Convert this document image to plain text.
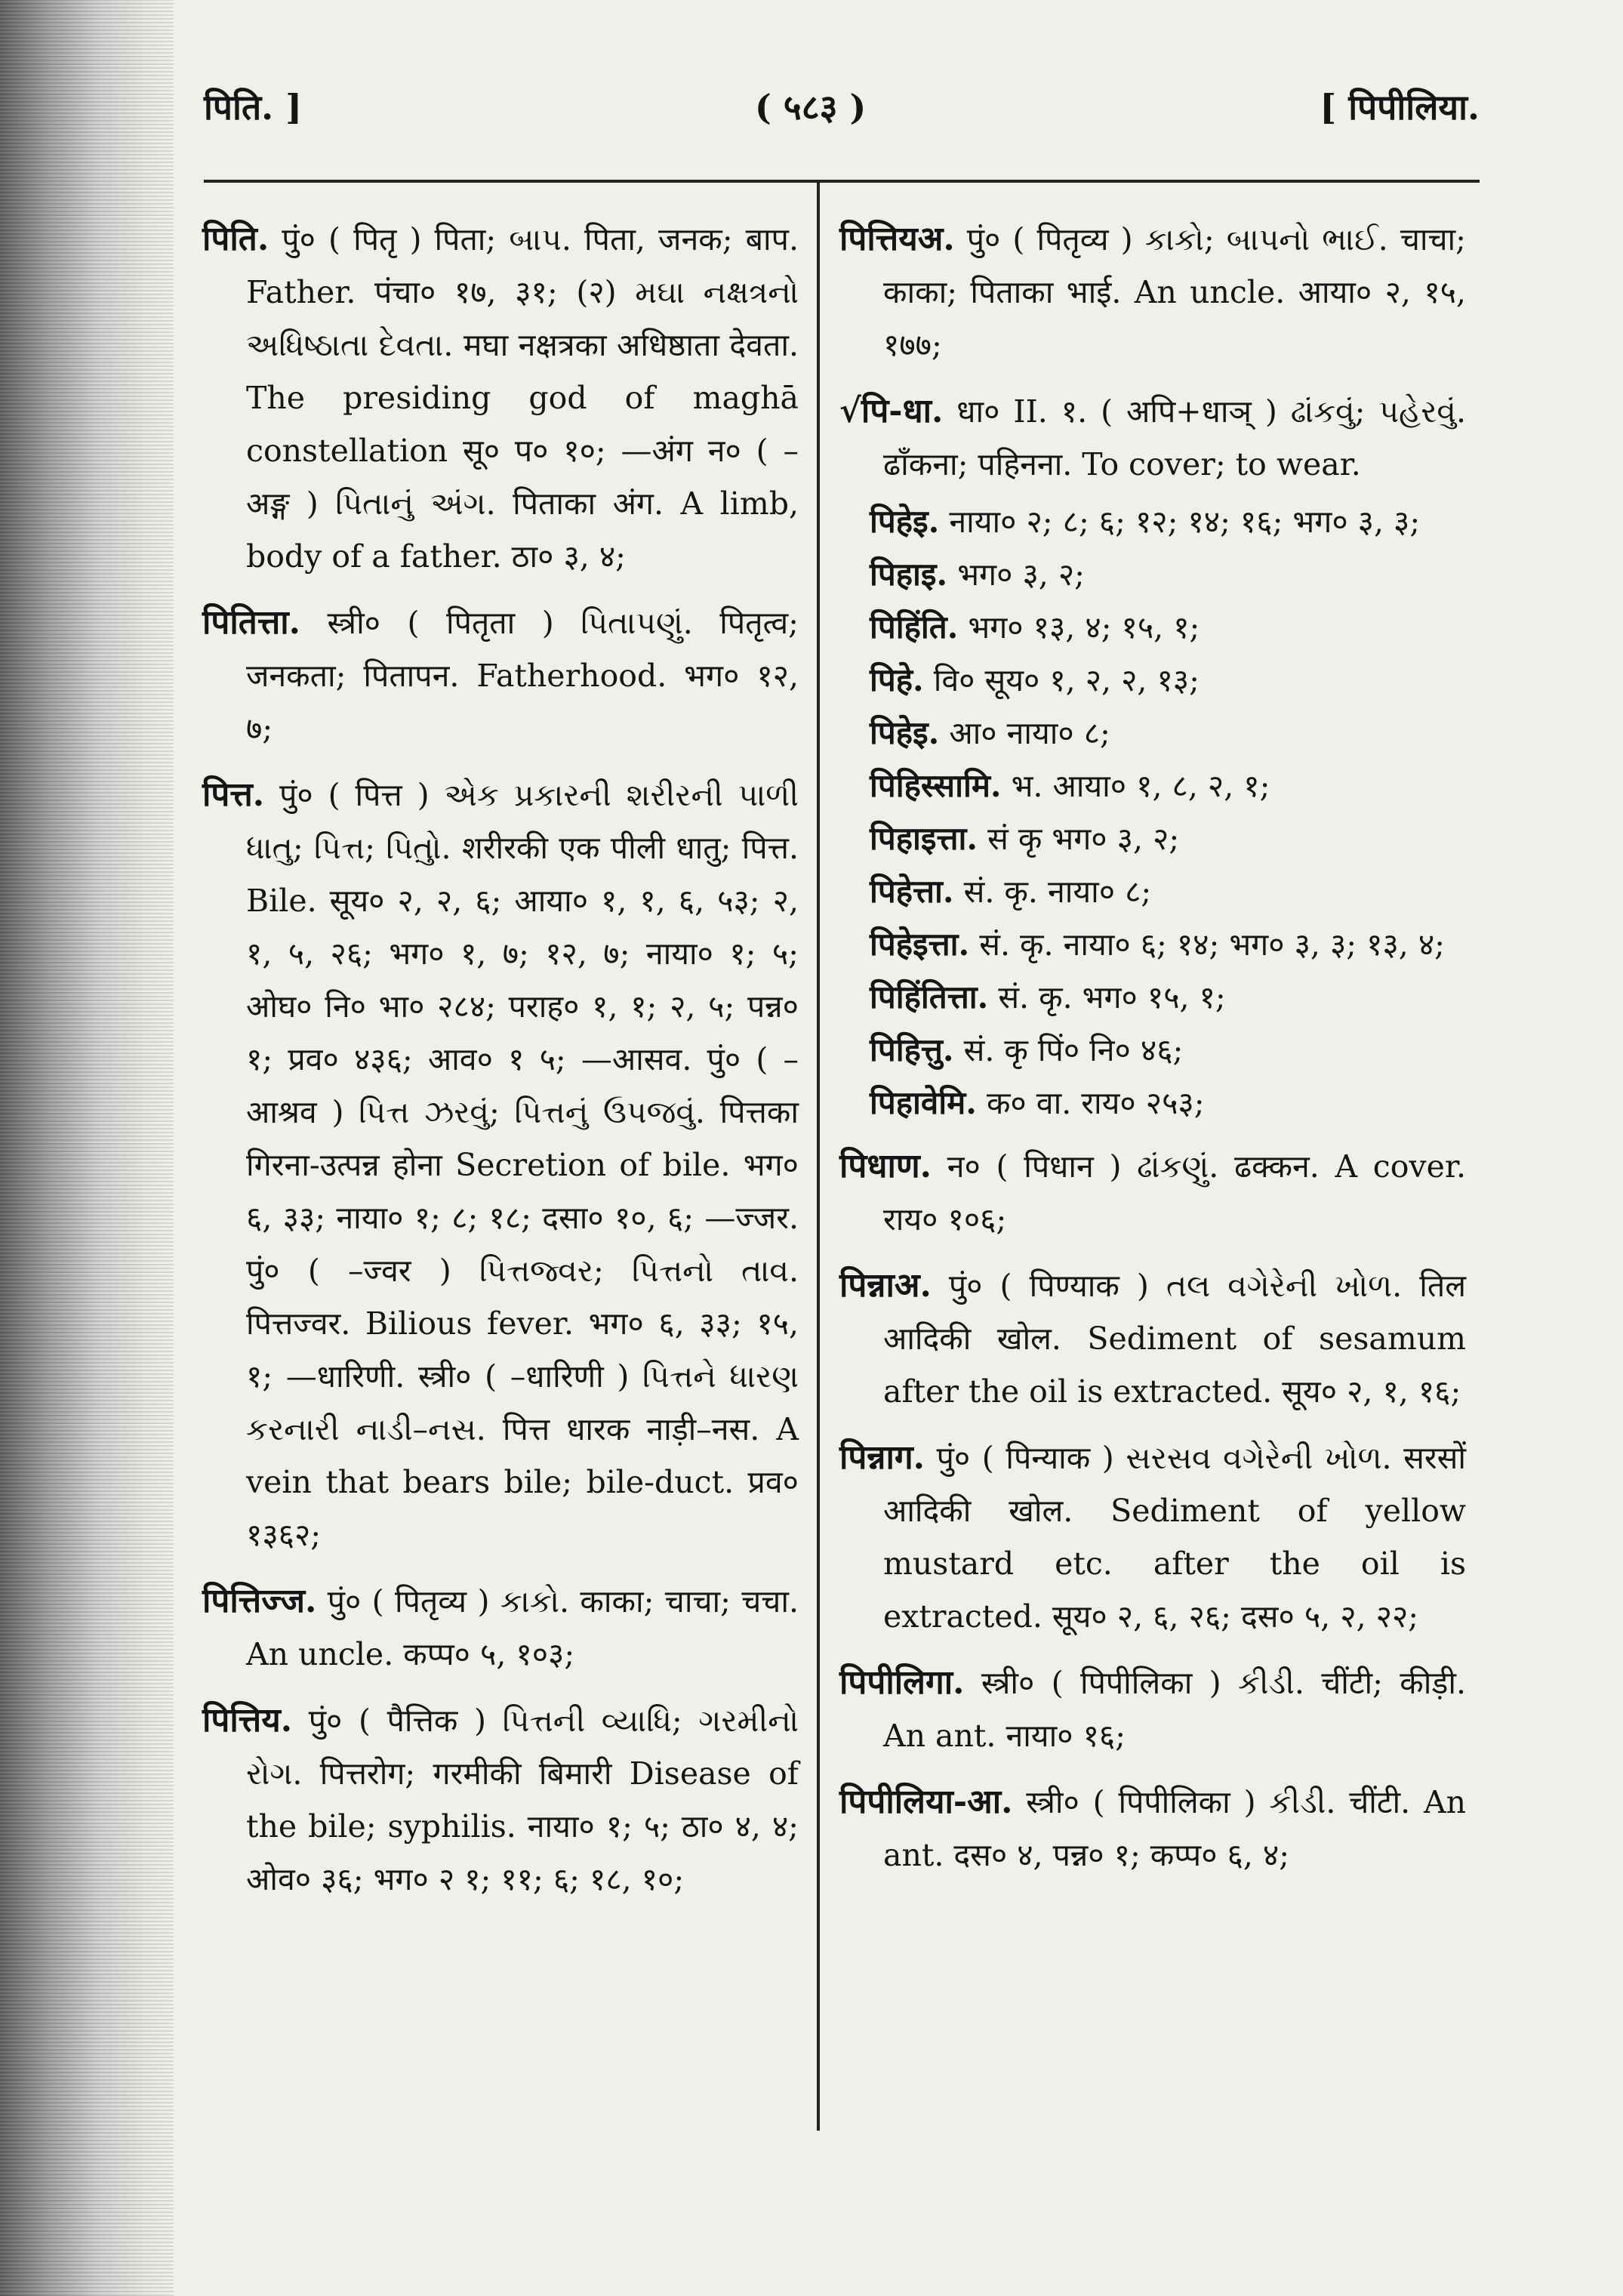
पिति. ]	( ५८३ )	[ पिपीलिया.

पिति. पुं० ( पितृ ) पिता; બાપ. पिता, जनक; बाप. Father. पंचा० १७, ३१; (२) મઘા નક્ષત્રનો અધિષ્ઠાતા દેવતા. मघा नक्षत्रका अधिष्ठाता देवता. The presiding god of maghā constellation सू० प० १०; —अंग न० ( –अङ्ग ) પિતાનું અંગ. पिताका अंग. A limb, body of a father. ठा० ३, ४;

पितित्ता. स्त्री० ( पितृता ) પિતાપણું. पितृत्व; जनकता; पितापन. Fatherhood. भग० १२, ७;

पित्त. पुं० ( पित्त ) એક પ્રકારની શરીરની પાળી ધાતુ; પિત્ત; પિતો઼ુ. शरीरकी एक पीली धातु; पित्त. Bile. सूय० २, २, ६; आया० १, १, ६, ५३; २, १, ५, २६; भग० १, ७; १२, ७; नाया० १; ५; ओघ० नि० भा० २८४; पराह० १, १; २, ५; पन्न० १; प्रव० ४३६; आव० १ ५; —आसव. पुं० ( –आश्रव ) પિત્ત ઝરવું; પિત્તનું ઉપજવું. पित्तका गिरना-उत्पन्न होना Secretion of bile. भग० ६, ३३; नाया० १; ८; १८; दसा० १०, ६; —ज्जर. पुं० ( –ज्वर ) પિત્તજ્વર; પિત્તનો તાવ. पित्तज्वर. Bilious fever. भग० ६, ३३; १५, १; —धारिणी. स्त्री० ( –धारिणी ) પિત્તને ધારણ કરનારી નાડી–નસ. पित्त धारक नाड़ी–नस. A vein that bears bile; bile-duct. प्रव० १३६२;

पित्तिज्ज. पुं० ( पितृव्य ) કાકો. काका; चाचा; चचा. An uncle. कप्प० ५, १०३;

पित्तिय. पुं० ( पैत्तिक ) પિત્તની વ્યાધિ; ગરમીનો રોગ. पित्तरोग; गरमीकी बिमारी Disease of the bile; syphilis. नाया० १; ५; ठा० ४, ४; ओव० ३६; भग० २ १; ११; ६; १८, १०;

पित्तियअ. पुं० ( पितृव्य ) કાકો; બાપનો ભાઈ. चाचा; काका; पिताका भाई. An uncle. आया० २, १५, १७७;

√पि-धा. धा० II. १. ( अपि+धाञ् ) ઢાંકવું; પહેરવું. ढाँकना; पहिनना. To cover; to wear.

पिहेइ. नाया० २; ८; ६; १२; १४; १६; भग० ३, ३;

पिहाइ. भग० ३, २;

पिहिंति. भग० १३, ४; १५, १;

पिहे. वि० सूय० १, २, २, १३;

पिहेइ. आ० नाया० ८;

पिहिस्सामि. भ. आया० १, ८, २, १;

पिहाइत्ता. सं कृ भग० ३, २;

पिहेत्ता. सं. कृ. नाया० ८;

पिहेइत्ता. सं. कृ. नाया० ६; १४; भग० ३, ३; १३, ४;

पिहिंतित्ता. सं. कृ. भग० १५, १;

पिहित्तु. सं. कृ पिं० नि० ४६;

पिहावेमि. क० वा. राय० २५३;

पिधाण. न० ( पिधान ) ઢાંકણું. ढक्कन. A cover. राय० १०६;

पिन्नाअ. पुं० ( पिण्याक ) તલ વગેરેની ખોળ. तिल आदिकी खोल. Sediment of sesamum after the oil is extracted. सूय० २, १, १६;

पिन्नाग. पुं० ( पिन्याक ) સરસવ વગેરેની ખોળ. सरसों आदिकी खोल. Sediment of yellow mustard etc. after the oil is extracted. सूय० २, ६, २६; दस० ५, २, २२;

पिपीलिगा. स्त्री० ( पिपीलिका ) કીડી. चींटी; कीड़ी. An ant. नाया० १६;

पिपीलिया-आ. स्त्री० ( पिपीलिका ) કીડી. चींटी. An ant. दस० ४, पन्न० १; कप्प० ६, ४;
